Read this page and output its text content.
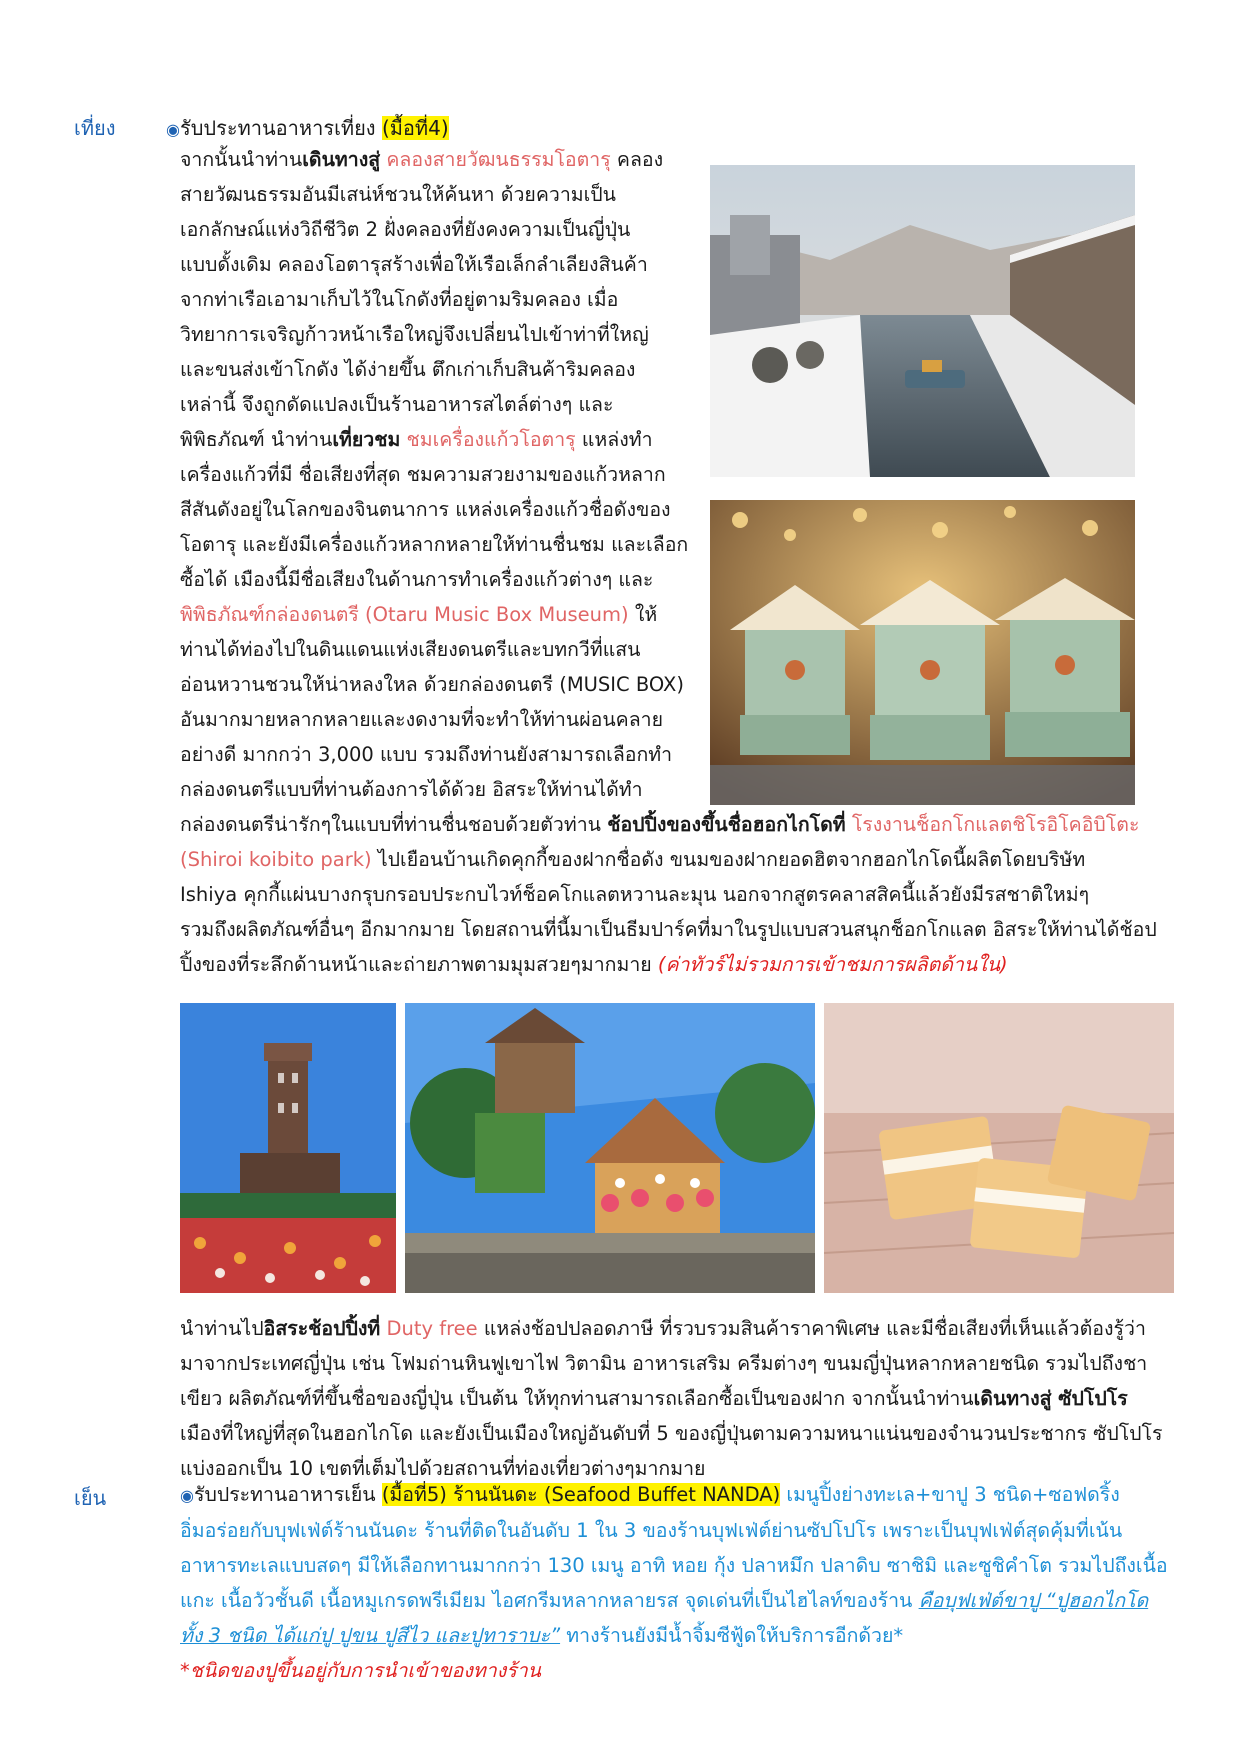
เที่ยง	◉รับประทานอาหารเที่ยง (มื้อที่4)

จากนั้นนำท่านเดินทางสู่ คลองสายวัฒนธรรมโอตารุ คลอง

สายวัฒนธรรมอันมีเสน่ห์ชวนให้ค้นหา ด้วยความเป็น

เอกลักษณ์แห่งวิถีชีวิต 2 ฝั่งคลองที่ยังคงความเป็นญี่ปุ่น

แบบดั้งเดิม คลองโอตารุสร้างเพื่อให้เรือเล็กลำเลียงสินค้า

จากท่าเรือเอามาเก็บไว้ในโกดังที่อยู่ตามริมคลอง เมื่อ

วิทยาการเจริญก้าวหน้าเรือใหญ่จึงเปลี่ยนไปเข้าท่าที่ใหญ่

และขนส่งเข้าโกดัง ได้ง่ายขึ้น ตึกเก่าเก็บสินค้าริมคลอง

เหล่านี้ จึงถูกดัดแปลงเป็นร้านอาหารสไตล์ต่างๆ และ

พิพิธภัณฑ์ นำท่านเที่ยวชม ชมเครื่องแก้วโอตารุ แหล่งทำ

เครื่องแก้วที่มี ชื่อเสียงที่สุด ชมความสวยงามของแก้วหลาก

สีสันดังอยู่ในโลกของจินตนาการ แหล่งเครื่องแก้วชื่อดังของ

โอตารุ และยังมีเครื่องแก้วหลากหลายให้ท่านชื่นชม และเลือก

ซื้อได้ เมืองนี้มีชื่อเสียงในด้านการทำเครื่องแก้วต่างๆ และ

พิพิธภัณฑ์กล่องดนตรี (Otaru Music Box Museum) ให้

ท่านได้ท่องไปในดินแดนแห่งเสียงดนตรีและบทกวีที่แสน

อ่อนหวานชวนให้น่าหลงใหล ด้วยกล่องดนตรี (MUSIC BOX)

อันมากมายหลากหลายและงดงามที่จะทำให้ท่านผ่อนคลาย

อย่างดี มากกว่า 3,000 แบบ รวมถึงท่านยังสามารถเลือกทำ

กล่องดนตรีแบบที่ท่านต้องการได้ด้วย อิสระให้ท่านได้ทำ

กล่องดนตรีน่ารักๆในแบบที่ท่านชื่นชอบด้วยตัวท่าน ช้อปปิ้งของขึ้นชื่อฮอกไกโดที่ โรงงานช็อกโกแลตชิโรอิโคอิบิโตะ

(Shiroi koibito park) ไปเยือนบ้านเกิดคุกกี้ของฝากชื่อดัง ขนมของฝากยอดฮิตจากฮอกไกโดนี้ผลิตโดยบริษัท

Ishiya คุกกี้แผ่นบางกรุบกรอบประกบไวท์ช็อคโกแลตหวานละมุน นอกจากสูตรคลาสสิคนี้แล้วยังมีรสชาติใหม่ๆ

รวมถึงผลิตภัณฑ์อื่นๆ อีกมากมาย โดยสถานที่นี้มาเป็นธีมปาร์คที่มาในรูปแบบสวนสนุกช็อกโกแลต อิสระให้ท่านได้ช้อป

ปิ้งของที่ระลึกด้านหน้าและถ่ายภาพตามมุมสวยๆมากมาย (ค่าทัวร์ไม่รวมการเข้าชมการผลิตด้านใน)

นำท่านไปอิสระช้อปปิ้งที่ Duty free แหล่งช้อปปลอดภาษี ที่รวบรวมสินค้าราคาพิเศษ และมีชื่อเสียงที่เห็นแล้วต้องรู้ว่า

มาจากประเทศญี่ปุ่น เช่น โฟมถ่านหินฟูเขาไฟ วิตามิน อาหารเสริม ครีมต่างๆ ขนมญี่ปุ่นหลากหลายชนิด รวมไปถึงชา

เขียว ผลิตภัณฑ์ที่ขึ้นชื่อของญี่ปุ่น เป็นต้น ให้ทุกท่านสามารถเลือกซื้อเป็นของฝาก จากนั้นนำท่านเดินทางสู่ ซัปโปโร

เมืองที่ใหญ่ที่สุดในฮอกไกโด และยังเป็นเมืองใหญ่อันดับที่ 5 ของญี่ปุ่นตามความหนาแน่นของจำนวนประชากร ซัปโปโร

แบ่งออกเป็น 10 เขตที่เต็มไปด้วยสถานที่ท่องเที่ยวต่างๆมากมาย

เย็น	◉รับประทานอาหารเย็น (มื้อที่5) ร้านนันดะ (Seafood Buffet NANDA) เมนูปิ้งย่างทะเล+ขาปู 3 ชนิด+ซอฟดริ้ง

อิ่มอร่อยกับบุฟเฟ่ต์ร้านนันดะ ร้านที่ติดในอันดับ 1 ใน 3 ของร้านบุฟเฟ่ต์ย่านซัปโปโร เพราะเป็นบุฟเฟ่ต์สุดคุ้มที่เน้น

อาหารทะเลแบบสดๆ มีให้เลือกทานมากกว่า 130 เมนู อาทิ หอย กุ้ง ปลาหมึก ปลาดิบ ซาชิมิ และซูชิคำโต รวมไปถึงเนื้อ

แกะ เนื้อวัวชั้นดี เนื้อหมูเกรดพรีเมียม ไอศกรีมหลากหลายรส จุดเด่นที่เป็นไฮไลท์ของร้าน คือบุฟเฟ่ต์ขาปู “ปูฮอกไกโด

ทั้ง 3 ชนิด ได้แก่ปู ปูขน ปูสีไว และปูทาราบะ” ทางร้านยังมีน้ำจิ้มซีฟู้ดให้บริการอีกด้วย*

*ชนิดของปูขึ้นอยู่กับการนำเข้าของทางร้าน
